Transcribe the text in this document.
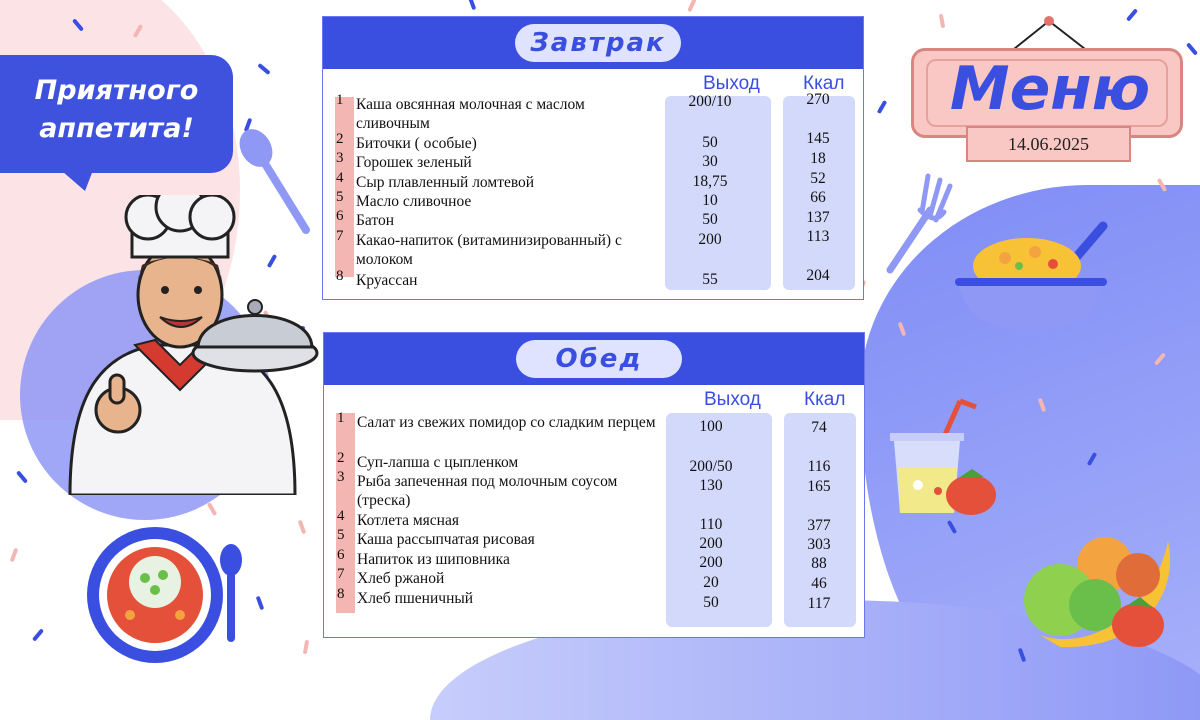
Приятного
аппетита!
Завтрак
Выход Ккал
1 Каша овсянная молочная с маслом сливочным
200/10	270
2 Биточки ( особые)	50	145
3 Горошек зеленый	30	18
4 Сыр плавленный ломтевой	18,75	52
5 Масло сливочное	10	66
6 Батон	50	137
7 Какао-напиток (витаминизированный) с молоком
200	113
8 Круассан	55	204
Обед
Выход Ккал
1 Салат из свежих помидор со сладким перцем	100	74
2 Суп-лапша с цыпленком	200/50	116
3 Рыба запеченная под молочным соусом (треска)
130	165
4 Котлета мясная	110	377
5 Каша рассыпчатая рисовая	200	303
6 Напиток из шиповника	200	88
7 Хлеб ржаной	20	46
8 Хлеб пшеничный	50	117
Меню
14.06.2025
